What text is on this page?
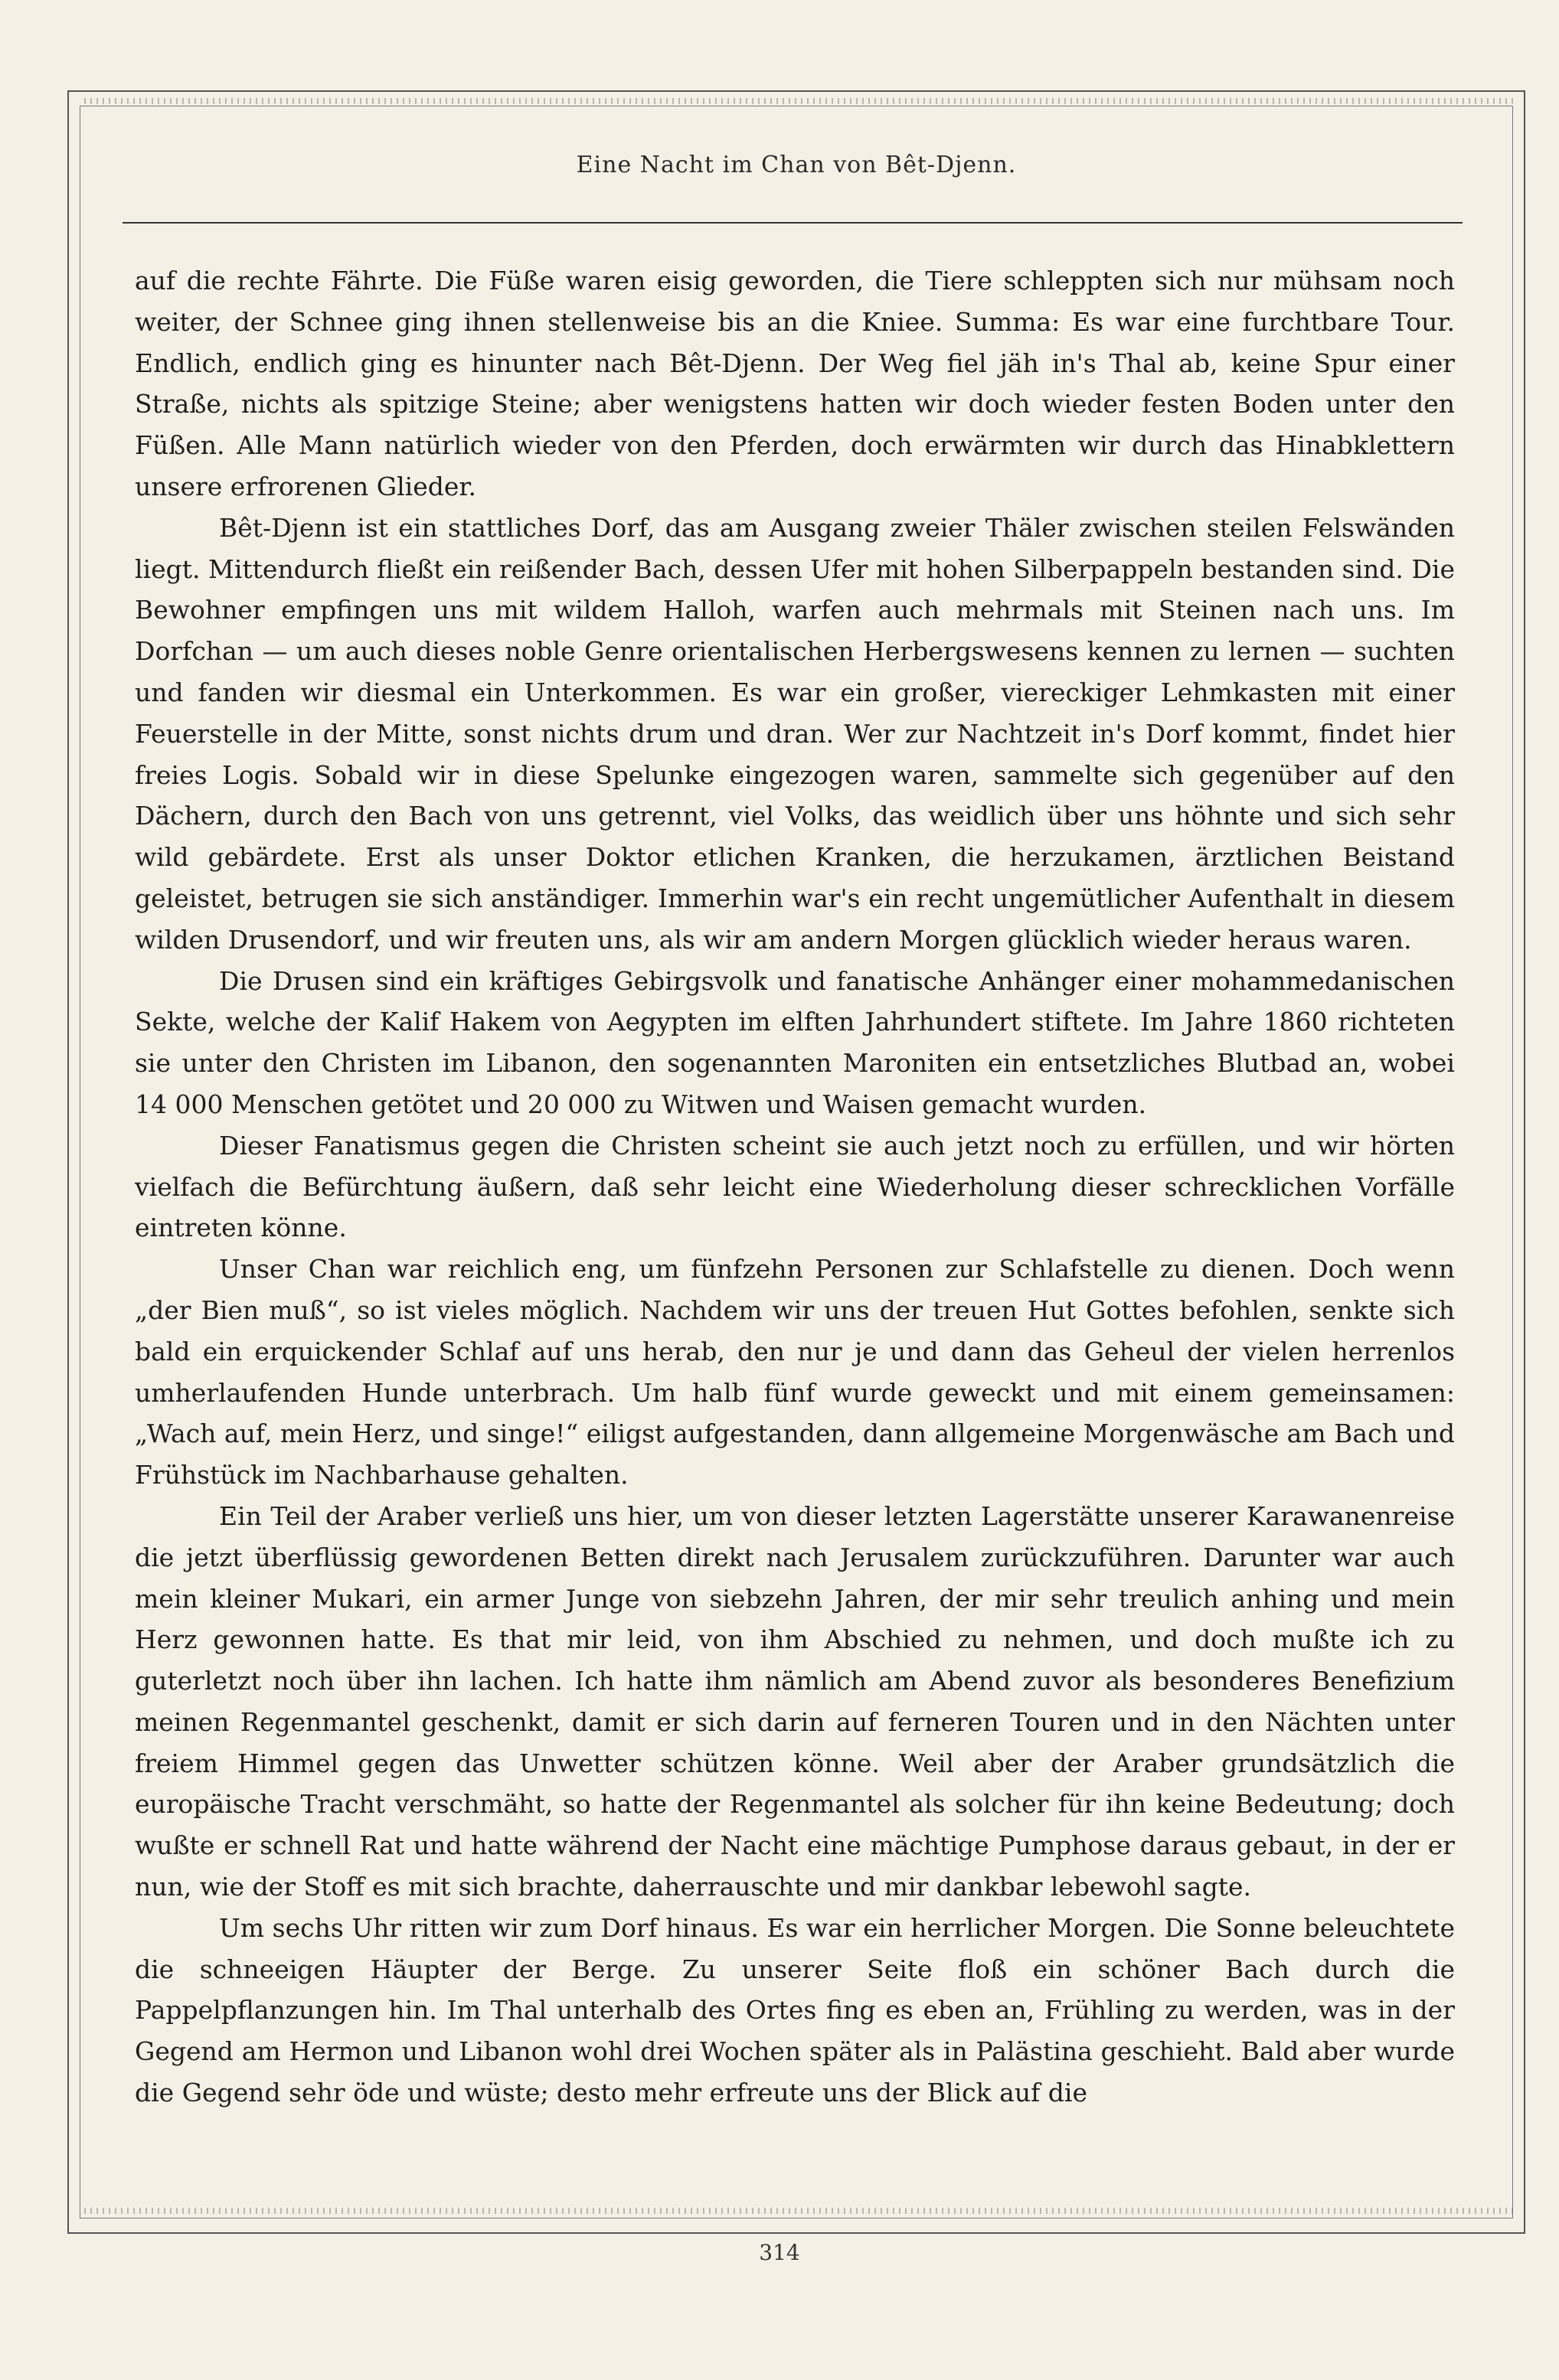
Eine Nacht im Chan von Bêt-Djenn.

auf die rechte Fährte. Die Füße waren eisig geworden, die Tiere schleppten sich nur mühsam noch weiter, der Schnee ging ihnen stellenweise bis an die Kniee. Summa: Es war eine furchtbare Tour. Endlich, endlich ging es hinunter nach Bêt-Djenn. Der Weg fiel jäh in's Thal ab, keine Spur einer Straße, nichts als spitzige Steine; aber wenigstens hatten wir doch wieder festen Boden unter den Füßen. Alle Mann natürlich wieder von den Pferden, doch erwärmten wir durch das Hinabklettern unsere erfrorenen Glieder.

Bêt-Djenn ist ein stattliches Dorf, das am Ausgang zweier Thäler zwischen steilen Felswänden liegt. Mittendurch fließt ein reißender Bach, dessen Ufer mit hohen Silberpappeln bestanden sind. Die Bewohner empfingen uns mit wildem Halloh, warfen auch mehrmals mit Steinen nach uns. Im Dorfchan — um auch dieses noble Genre orientalischen Herbergswesens kennen zu lernen — suchten und fanden wir diesmal ein Unterkommen. Es war ein großer, viereckiger Lehmkasten mit einer Feuerstelle in der Mitte, sonst nichts drum und dran. Wer zur Nachtzeit in's Dorf kommt, findet hier freies Logis. Sobald wir in diese Spelunke eingezogen waren, sammelte sich gegenüber auf den Dächern, durch den Bach von uns getrennt, viel Volks, das weidlich über uns höhnte und sich sehr wild gebärdete. Erst als unser Doktor etlichen Kranken, die herzukamen, ärztlichen Beistand geleistet, betrugen sie sich anständiger. Immerhin war's ein recht ungemütlicher Aufenthalt in diesem wilden Drusendorf, und wir freuten uns, als wir am andern Morgen glücklich wieder heraus waren.

Die Drusen sind ein kräftiges Gebirgsvolk und fanatische Anhänger einer mohammedanischen Sekte, welche der Kalif Hakem von Aegypten im elften Jahrhundert stiftete. Im Jahre 1860 richteten sie unter den Christen im Libanon, den sogenannten Maroniten ein entsetzliches Blutbad an, wobei 14 000 Menschen getötet und 20 000 zu Witwen und Waisen gemacht wurden.

Dieser Fanatismus gegen die Christen scheint sie auch jetzt noch zu erfüllen, und wir hörten vielfach die Befürchtung äußern, daß sehr leicht eine Wiederholung dieser schrecklichen Vorfälle eintreten könne.

Unser Chan war reichlich eng, um fünfzehn Personen zur Schlafstelle zu dienen. Doch wenn „der Bien muß“, so ist vieles möglich. Nachdem wir uns der treuen Hut Gottes befohlen, senkte sich bald ein erquickender Schlaf auf uns herab, den nur je und dann das Geheul der vielen herrenlos umherlaufenden Hunde unterbrach. Um halb fünf wurde geweckt und mit einem gemeinsamen: „Wach auf, mein Herz, und singe!“ eiligst aufgestanden, dann allgemeine Morgenwäsche am Bach und Frühstück im Nachbarhause gehalten.

Ein Teil der Araber verließ uns hier, um von dieser letzten Lagerstätte unserer Karawanenreise die jetzt überflüssig gewordenen Betten direkt nach Jerusalem zurückzuführen. Darunter war auch mein kleiner Mukari, ein armer Junge von siebzehn Jahren, der mir sehr treulich anhing und mein Herz gewonnen hatte. Es that mir leid, von ihm Abschied zu nehmen, und doch mußte ich zu guterletzt noch über ihn lachen. Ich hatte ihm nämlich am Abend zuvor als besonderes Benefizium meinen Regenmantel geschenkt, damit er sich darin auf ferneren Touren und in den Nächten unter freiem Himmel gegen das Unwetter schützen könne. Weil aber der Araber grundsätzlich die europäische Tracht verschmäht, so hatte der Regenmantel als solcher für ihn keine Bedeutung; doch wußte er schnell Rat und hatte während der Nacht eine mächtige Pumphose daraus gebaut, in der er nun, wie der Stoff es mit sich brachte, daherrauschte und mir dankbar lebewohl sagte.

Um sechs Uhr ritten wir zum Dorf hinaus. Es war ein herrlicher Morgen. Die Sonne beleuchtete die schneeigen Häupter der Berge. Zu unserer Seite floß ein schöner Bach durch die Pappelpflanzungen hin. Im Thal unterhalb des Ortes fing es eben an, Frühling zu werden, was in der Gegend am Hermon und Libanon wohl drei Wochen später als in Palästina geschieht. Bald aber wurde die Gegend sehr öde und wüste; desto mehr erfreute uns der Blick auf die

314
